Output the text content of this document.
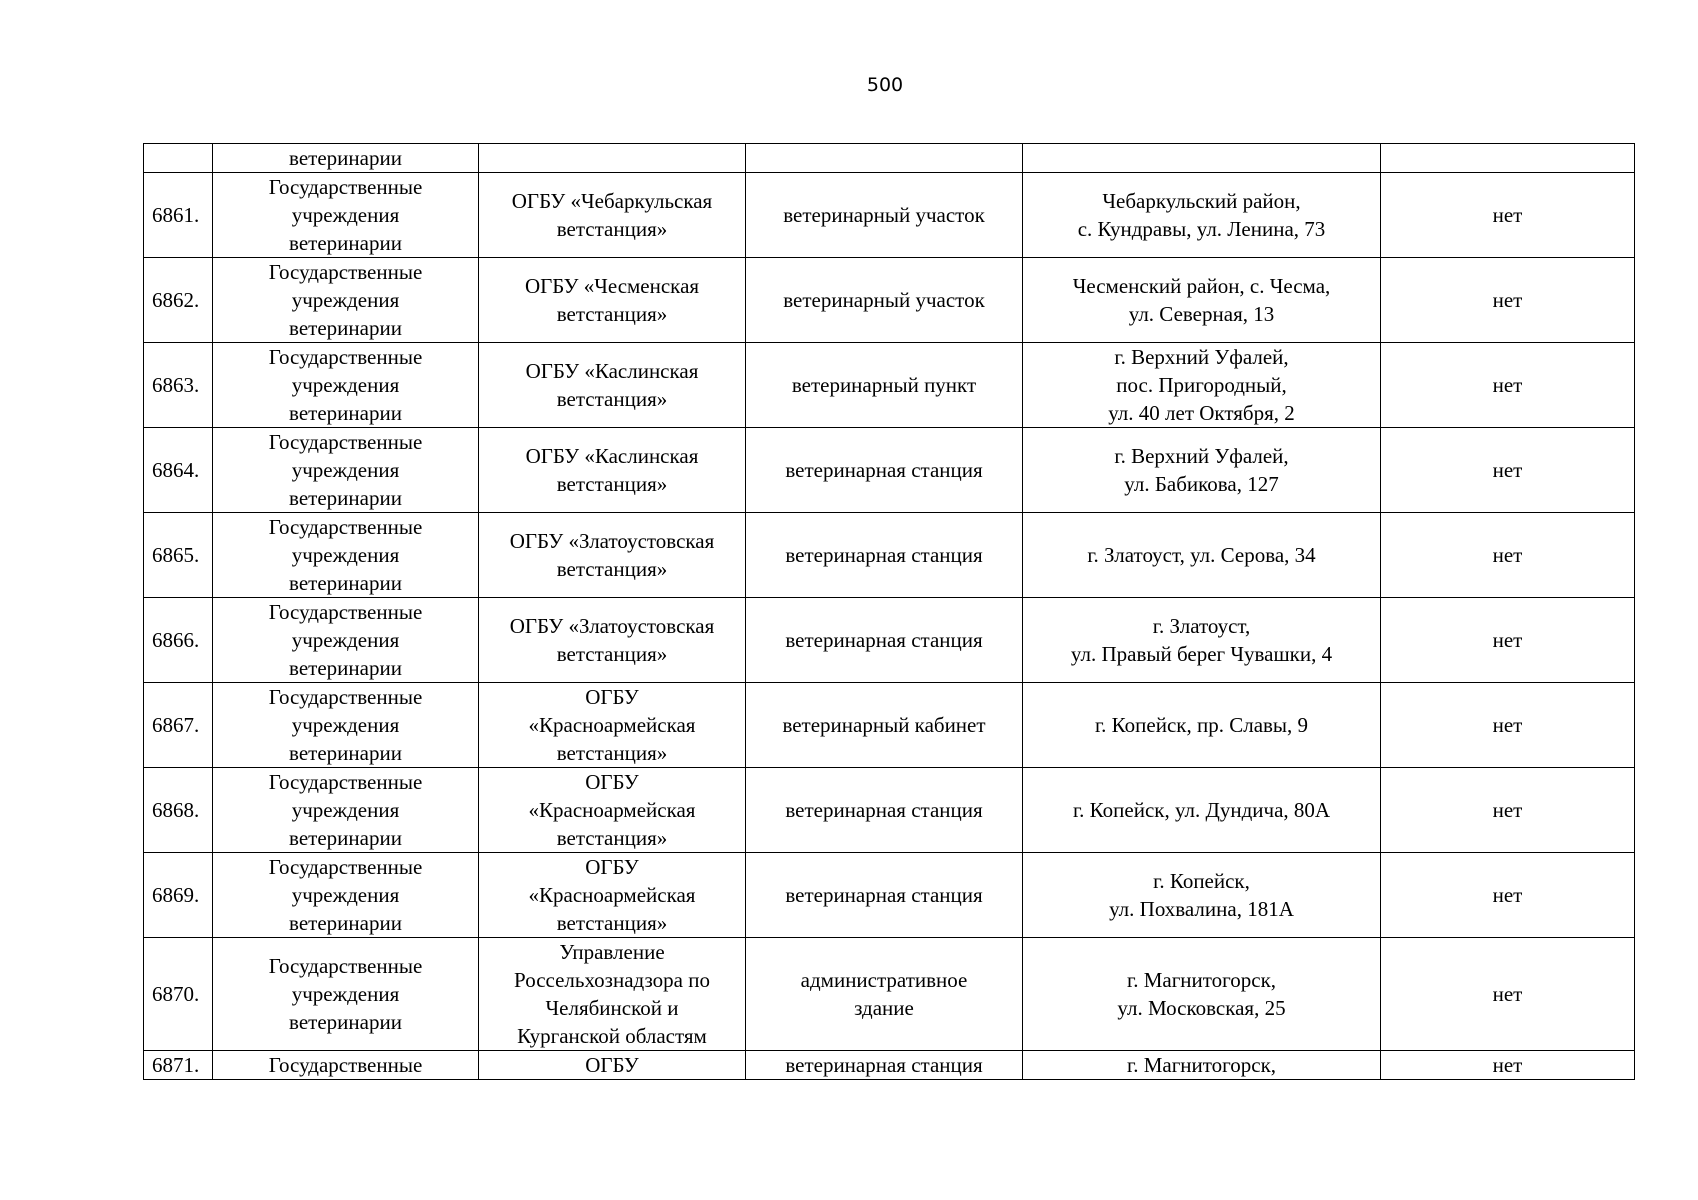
500

	ветеринарии				

6861.	Государственные
учреждения
ветеринарии	ОГБУ «Чебаркульская
ветстанция»	ветеринарный участок	Чебаркульский район,
с. Кундравы, ул. Ленина, 73	нет
6862.	Государственные
учреждения
ветеринарии	ОГБУ «Чесменская
ветстанция»	ветеринарный участок	Чесменский район, с. Чесма,
ул. Северная, 13	нет
6863.	Государственные
учреждения
ветеринарии	ОГБУ «Каслинская
ветстанция»	ветеринарный пункт	г. Верхний Уфалей,
пос. Пригородный,
ул. 40 лет Октября, 2	нет
6864.	Государственные
учреждения
ветеринарии	ОГБУ «Каслинская
ветстанция»	ветеринарная станция	г. Верхний Уфалей,
ул. Бабикова, 127	нет
6865.	Государственные
учреждения
ветеринарии	ОГБУ «Златоустовская
ветстанция»	ветеринарная станция	г. Златоуст, ул. Серова, 34	нет
6866.	Государственные
учреждения
ветеринарии	ОГБУ «Златоустовская
ветстанция»	ветеринарная станция	г. Златоуст,
ул. Правый берег Чувашки, 4	нет
6867.	Государственные
учреждения
ветеринарии	ОГБУ
«Красноармейская
ветстанция»	ветеринарный кабинет	г. Копейск, пр. Славы, 9	нет
6868.	Государственные
учреждения
ветеринарии	ОГБУ
«Красноармейская
ветстанция»	ветеринарная станция	г. Копейск, ул. Дундича, 80А	нет
6869.	Государственные
учреждения
ветеринарии	ОГБУ
«Красноармейская
ветстанция»	ветеринарная станция	г. Копейск,
ул. Похвалина, 181А	нет
6870.	Государственные
учреждения
ветеринарии	Управление
Россельхознадзора по
Челябинской и
Курганской областям	административное
здание	г. Магнитогорск,
ул. Московская, 25	нет
6871.	Государственные	ОГБУ	ветеринарная станция	г. Магнитогорск,	нет
